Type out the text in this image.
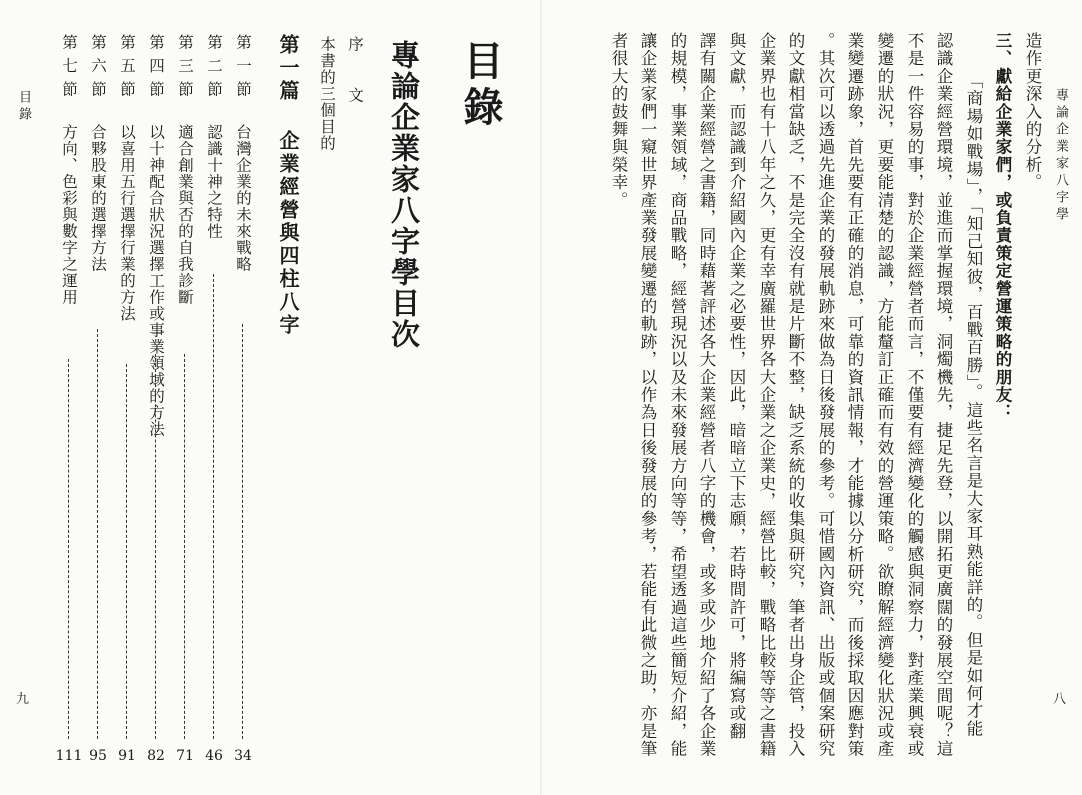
目錄
九
目錄
專論企業家八字學目次
序　文
本書的三個目的
第一篇
企業經營與四柱八字
第一節
台灣企業的未來戰略
34
第二節
認識十神之特性
46
第三節
適合創業與否的自我診斷
71
第四節
以十神配合狀況選擇工作或事業領域的方法
82
第五節
以喜用五行選擇行業的方法
91
第六節
合夥股東的選擇方法
95
第七節
方向、色彩與數字之運用
111
專論企業家八字學
八
造作更深入的分析。
三、獻給企業家們，或負責策定營運策略的朋友：
「商場如戰場」，「知己知彼，百戰百勝」。這些名言是大家耳熟能詳的。但是如何才能
認識企業經營環境，並進而掌握環境，洞燭機先，捷足先登，以開拓更廣闊的發展空間呢？這
不是一件容易的事，對於企業經營者而言，不僅要有經濟變化的觸感與洞察力，對產業興衰或
變遷的狀況，更要能清楚的認識，方能釐訂正確而有效的營運策略。欲瞭解經濟變化狀況或產
業變遷跡象，首先要有正確的消息，可靠的資訊情報，才能據以分析研究，而後採取因應對策
。其次可以透過先進企業的發展軌跡來做為日後發展的參考。可惜國內資訊、出版或個案研究
的文獻相當缺乏，不是完全沒有就是片斷不整，缺乏系統的收集與研究，筆者出身企管，投入
企業界也有十八年之久，更有幸廣羅世界各大企業之企業史，經營比較，戰略比較等等之書籍
與文獻，而認識到介紹國內企業之必要性，因此，暗暗立下志願，若時間許可，將編寫或翻
譯有關企業經營之書籍，同時藉著評述各大企業經營者八字的機會，或多或少地介紹了各企業
的規模，事業領域，商品戰略，經營現況以及未來發展方向等等，希望透過這些簡短介紹，能
讓企業家們一窺世界產業發展變遷的軌跡，以作為日後發展的參考，若能有此微之助，亦是筆
者很大的鼓舞與榮幸。
